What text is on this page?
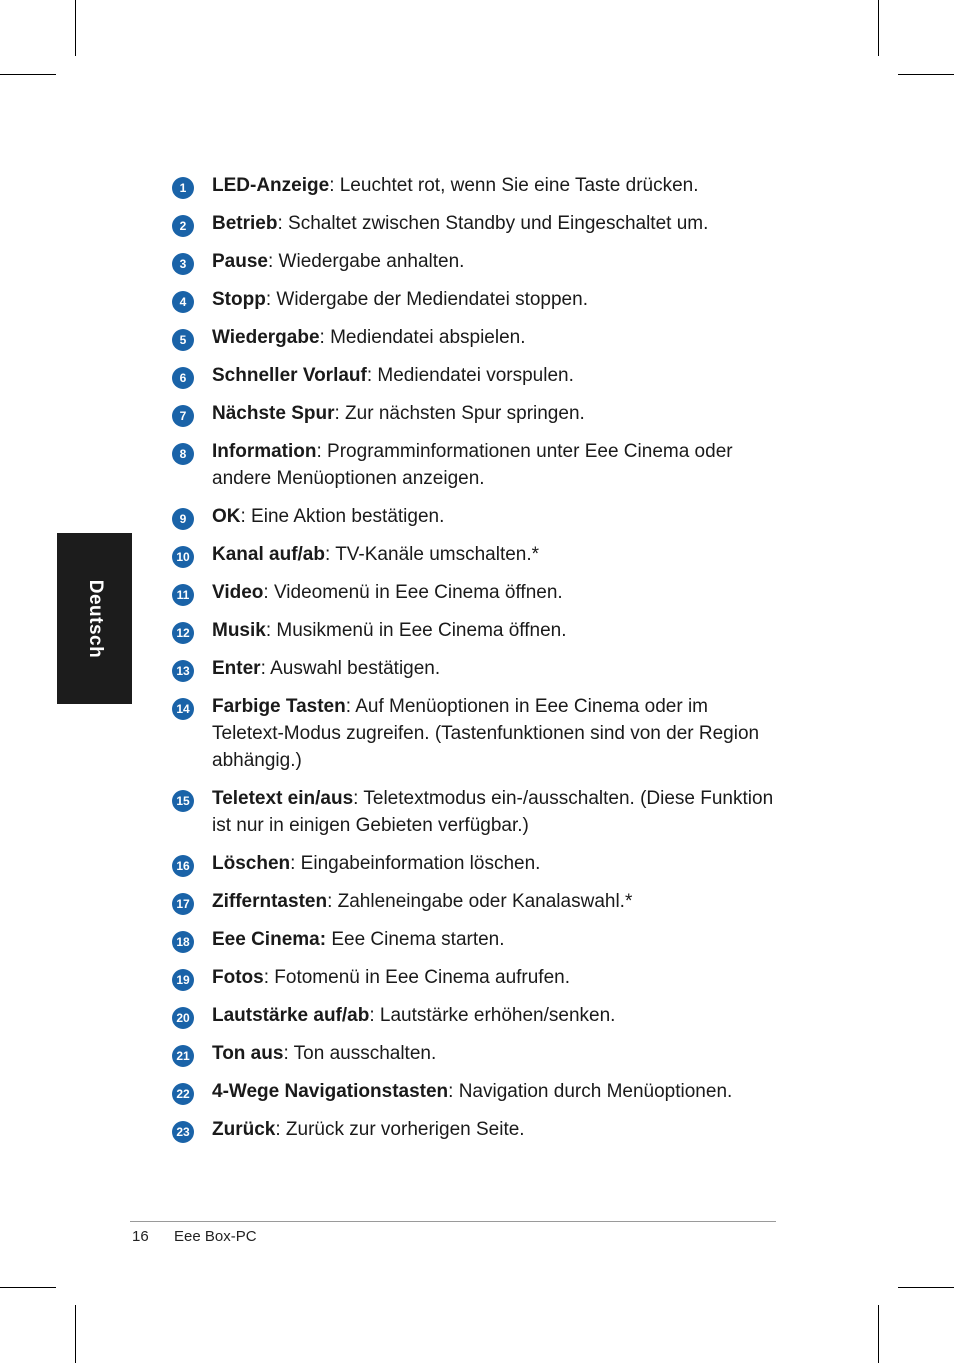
Deutsch
1	LED-Anzeige: Leuchtet rot, wenn Sie eine Taste drücken.
2	Betrieb: Schaltet zwischen Standby und Eingeschaltet um.
3	Pause: Wiedergabe anhalten.
4	Stopp: Widergabe der Mediendatei stoppen.
5	Wiedergabe: Mediendatei abspielen.
6	Schneller Vorlauf: Mediendatei vorspulen.
7	Nächste Spur: Zur nächsten Spur springen.
8	Information: Programminformationen unter Eee Cinema oder andere Menüoptionen anzeigen.
9	OK: Eine Aktion bestätigen.
10 Kanal auf/ab: TV-Kanäle umschalten.*
11 Video: Videomenü in Eee Cinema öffnen.
12 Musik: Musikmenü in Eee Cinema öffnen.
13 Enter: Auswahl bestätigen.
14 Farbige Tasten: Auf Menüoptionen in Eee Cinema oder im Teletext-Modus zugreifen. (Tastenfunktionen sind von der Region abhängig.)
15 Teletext ein/aus: Teletextmodus ein-/ausschalten. (Diese Funktion ist nur in einigen Gebieten verfügbar.)
16 Löschen: Eingabeinformation löschen.
17 Zifferntasten: Zahleneingabe oder Kanalaswahl.*
18 Eee Cinema: Eee Cinema starten.
19 Fotos: Fotomenü in Eee Cinema aufrufen.
20 Lautstärke auf/ab: Lautstärke erhöhen/senken.
21 Ton aus: Ton ausschalten.
22 4-Wege Navigationstasten: Navigation durch Menüoptionen.
23 Zurück: Zurück zur vorherigen Seite.
16 Eee Box-PC
